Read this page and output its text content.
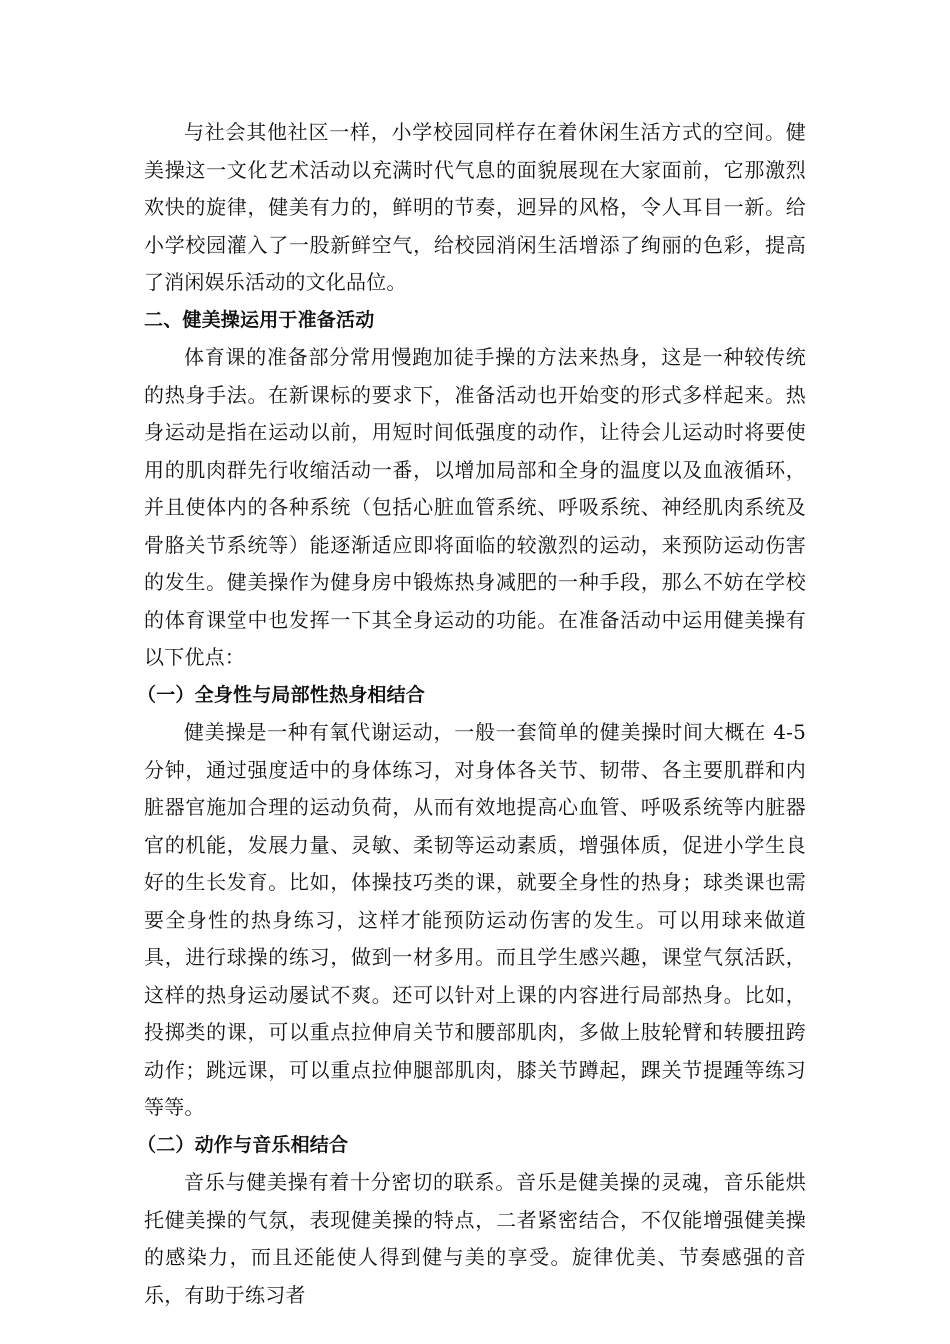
与社会其他社区一样，小学校园同样存在着休闲生活方式的空间。健美操这一文化艺术活动以充满时代气息的面貌展现在大家面前，它那激烈欢快的旋律，健美有力的，鲜明的节奏，迥异的风格，令人耳目一新。给小学校园灌入了一股新鲜空气，给校园消闲生活增添了绚丽的色彩，提高了消闲娱乐活动的文化品位。

二、健美操运用于准备活动

体育课的准备部分常用慢跑加徒手操的方法来热身，这是一种较传统的热身手法。在新课标的要求下，准备活动也开始变的形式多样起来。热身运动是指在运动以前，用短时间低强度的动作，让待会儿运动时将要使用的肌肉群先行收缩活动一番，以增加局部和全身的温度以及血液循环，并且使体内的各种系统（包括心脏血管系统、呼吸系统、神经肌肉系统及骨胳关节系统等）能逐渐适应即将面临的较激烈的运动，来预防运动伤害的发生。健美操作为健身房中锻炼热身减肥的一种手段，那么不妨在学校的体育课堂中也发挥一下其全身运动的功能。在准备活动中运用健美操有以下优点：

（一）全身性与局部性热身相结合

健美操是一种有氧代谢运动，一般一套简单的健美操时间大概在 4-5 分钟，通过强度适中的身体练习，对身体各关节、韧带、各主要肌群和内脏器官施加合理的运动负荷，从而有效地提高心血管、呼吸系统等内脏器官的机能，发展力量、灵敏、柔韧等运动素质，增强体质，促进小学生良好的生长发育。比如，体操技巧类的课，就要全身性的热身；球类课也需要全身性的热身练习，这样才能预防运动伤害的发生。可以用球来做道具，进行球操的练习，做到一材多用。而且学生感兴趣，课堂气氛活跃，这样的热身运动屡试不爽。还可以针对上课的内容进行局部热身。比如，投掷类的课，可以重点拉伸肩关节和腰部肌肉，多做上肢轮臂和转腰扭跨动作；跳远课，可以重点拉伸腿部肌肉，膝关节蹲起，踝关节提踵等练习等等。

（二）动作与音乐相结合

音乐与健美操有着十分密切的联系。音乐是健美操的灵魂，音乐能烘托健美操的气氛，表现健美操的特点，二者紧密结合，不仅能增强健美操的感染力，而且还能使人得到健与美的享受。旋律优美、节奏感强的音乐，有助于练习者
